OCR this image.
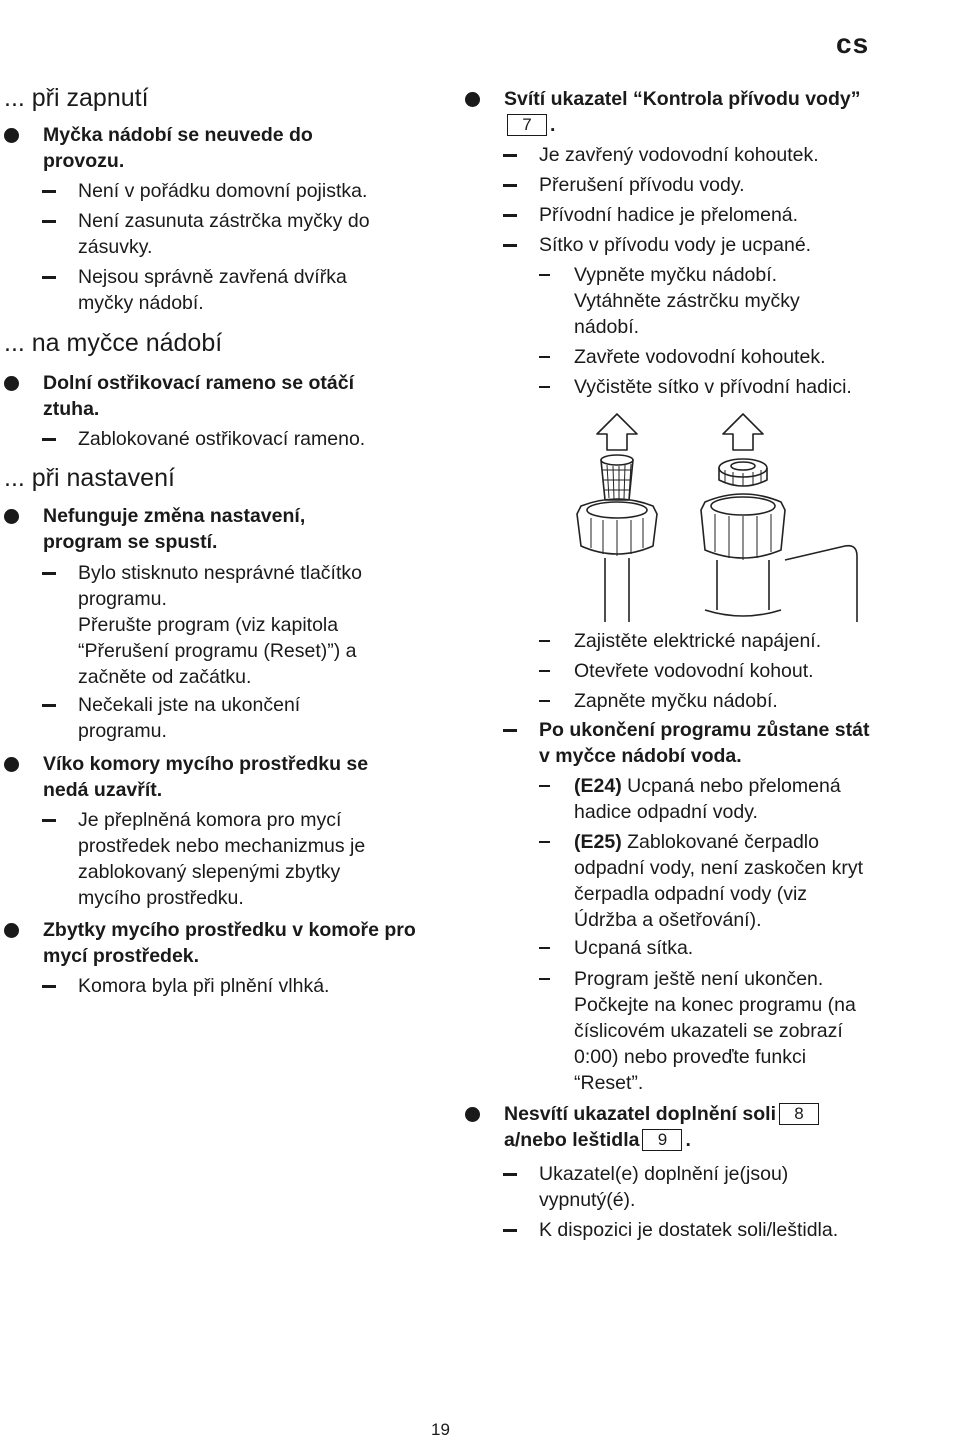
cs
... při zapnutí
Myčka nádobí se neuvede do provozu.
Není v pořádku domovní pojistka.
Není zasunuta zástrčka myčky do zásuvky.
Nejsou správně zavřená dvířka myčky nádobí.
... na myčce nádobí
Dolní ostřikovací rameno se otáčí ztuha.
Zablokované ostřikovací rameno.
... při nastavení
Nefunguje změna nastavení, program se spustí.
Bylo stisknuto nesprávné tlačítko programu.
Přerušte program (viz kapitola “Přerušení programu (Reset)”) a začněte od začátku.
Nečekali jste na ukončení programu.
Víko komory mycího prostředku se nedá uzavřít.
Je přeplněná komora pro mycí prostředek nebo mechanizmus je zablokovaný slepenými zbytky mycího prostředku.
Zbytky mycího prostředku v komoře pro mycí prostředek.
Komora byla při plnění vlhká.
Svítí ukazatel “Kontrola přívodu vody”7 .
Je zavřený vodovodní kohoutek.
Přerušení přívodu vody.
Přívodní hadice je přelomená.
Sítko v přívodu vody je ucpané.
Vypněte myčku nádobí. Vytáhněte zástrčku myčky nádobí.
Zavřete vodovodní kohoutek.
Vyčistěte sítko v přívodní hadici.
Zajistěte elektrické napájení.
Otevřete vodovodní kohout.
Zapněte myčku nádobí.
Po ukončení programu zůstane stát v myčce nádobí voda.
(E24) Ucpaná nebo přelomená hadice odpadní vody.
(E25) Zablokované čerpadlo odpadní vody, není zaskočen kryt čerpadla odpadní vody (viz Údržba a ošetřování).
Ucpaná sítka.
Program ještě není ukončen. Počkejte na konec programu (na číslicovém ukazateli se zobrazí 0:00) nebo proveďte funkci “Reset”.
Nesvítí ukazatel doplnění soli 8
a/nebo leštidla 9 .
Ukazatel(e) doplnění je(jsou) vypnutý(é).
K dispozici je dostatek soli/leštidla.
19
